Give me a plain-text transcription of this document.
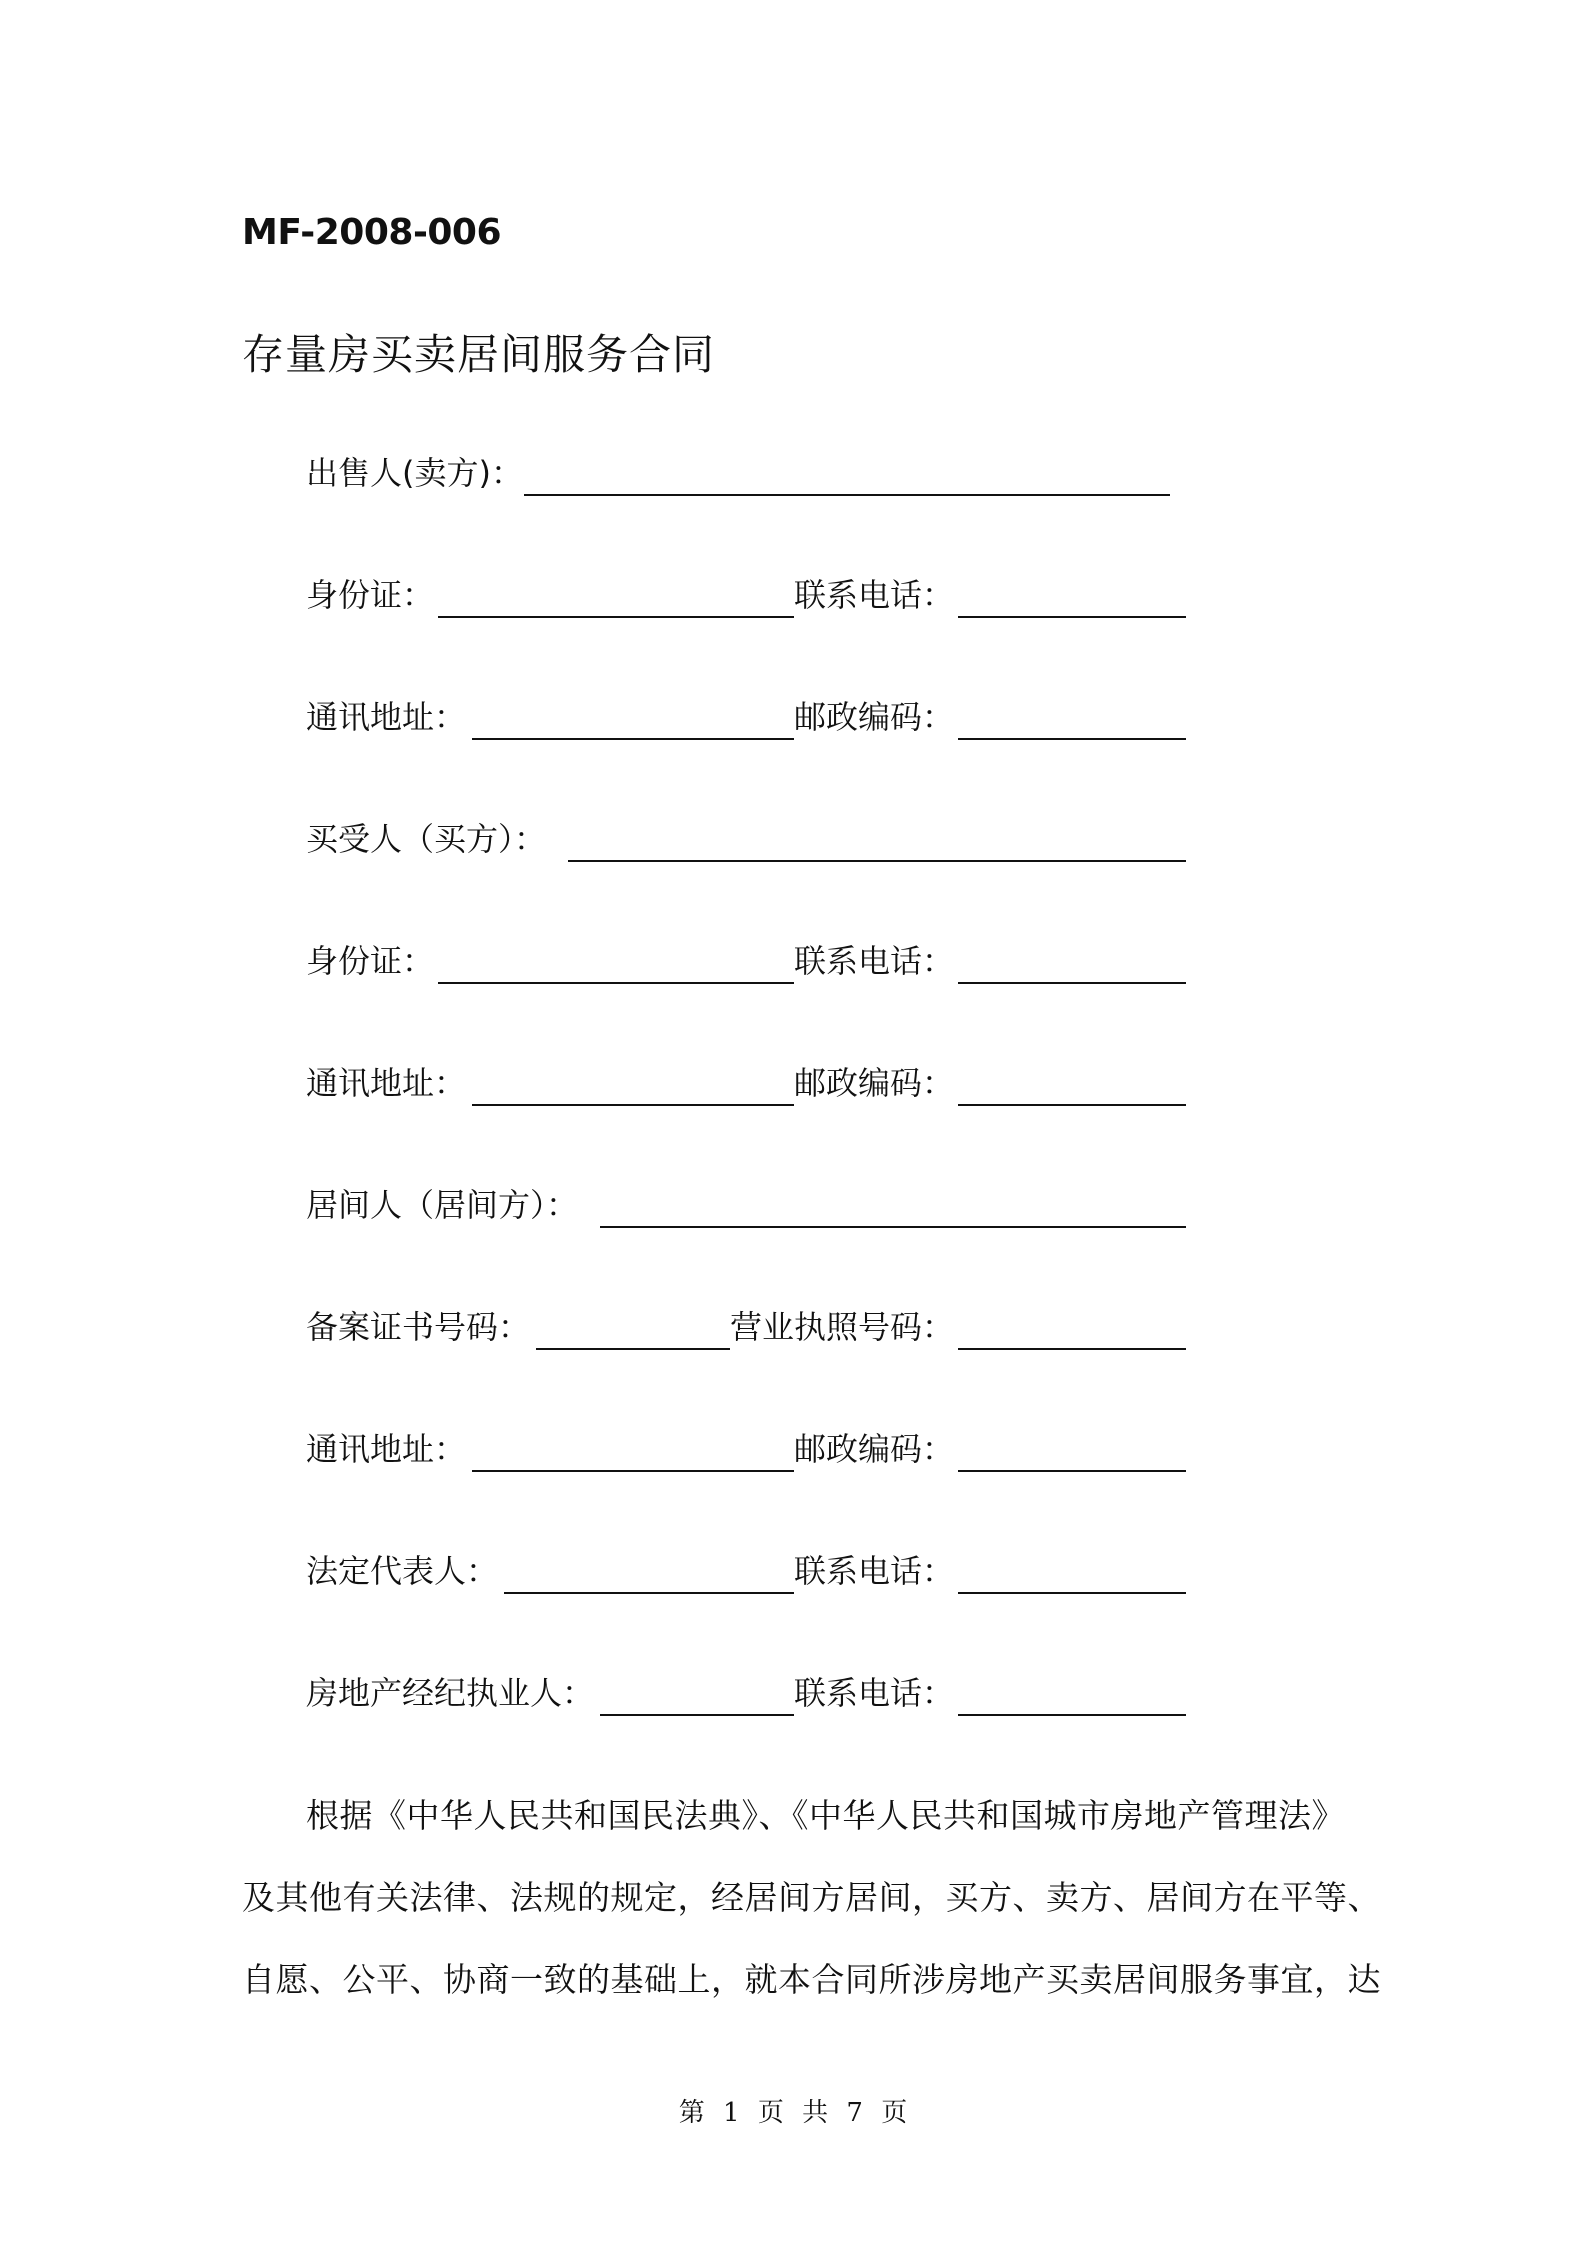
MF-2008-006
存量房买卖居间服务合同
出售人(卖方)：
身份证：	联系电话：
通讯地址：	邮政编码：
买受人（买方）：
身份证：	联系电话：
通讯地址：	邮政编码：
居间人（居间方）：
备案证书号码：	营业执照号码：
通讯地址：	邮政编码：
法定代表人：	联系电话：
房地产经纪执业人：	联系电话：
根据《中华人民共和国民法典》、《中华人民共和国城市房地产管理法》
及其他有关法律、法规的规定，经居间方居间，买方、卖方、居间方在平等、
自愿、公平、协商一致的基础上，就本合同所涉房地产买卖居间服务事宜，达
第 1 页 共 7 页
